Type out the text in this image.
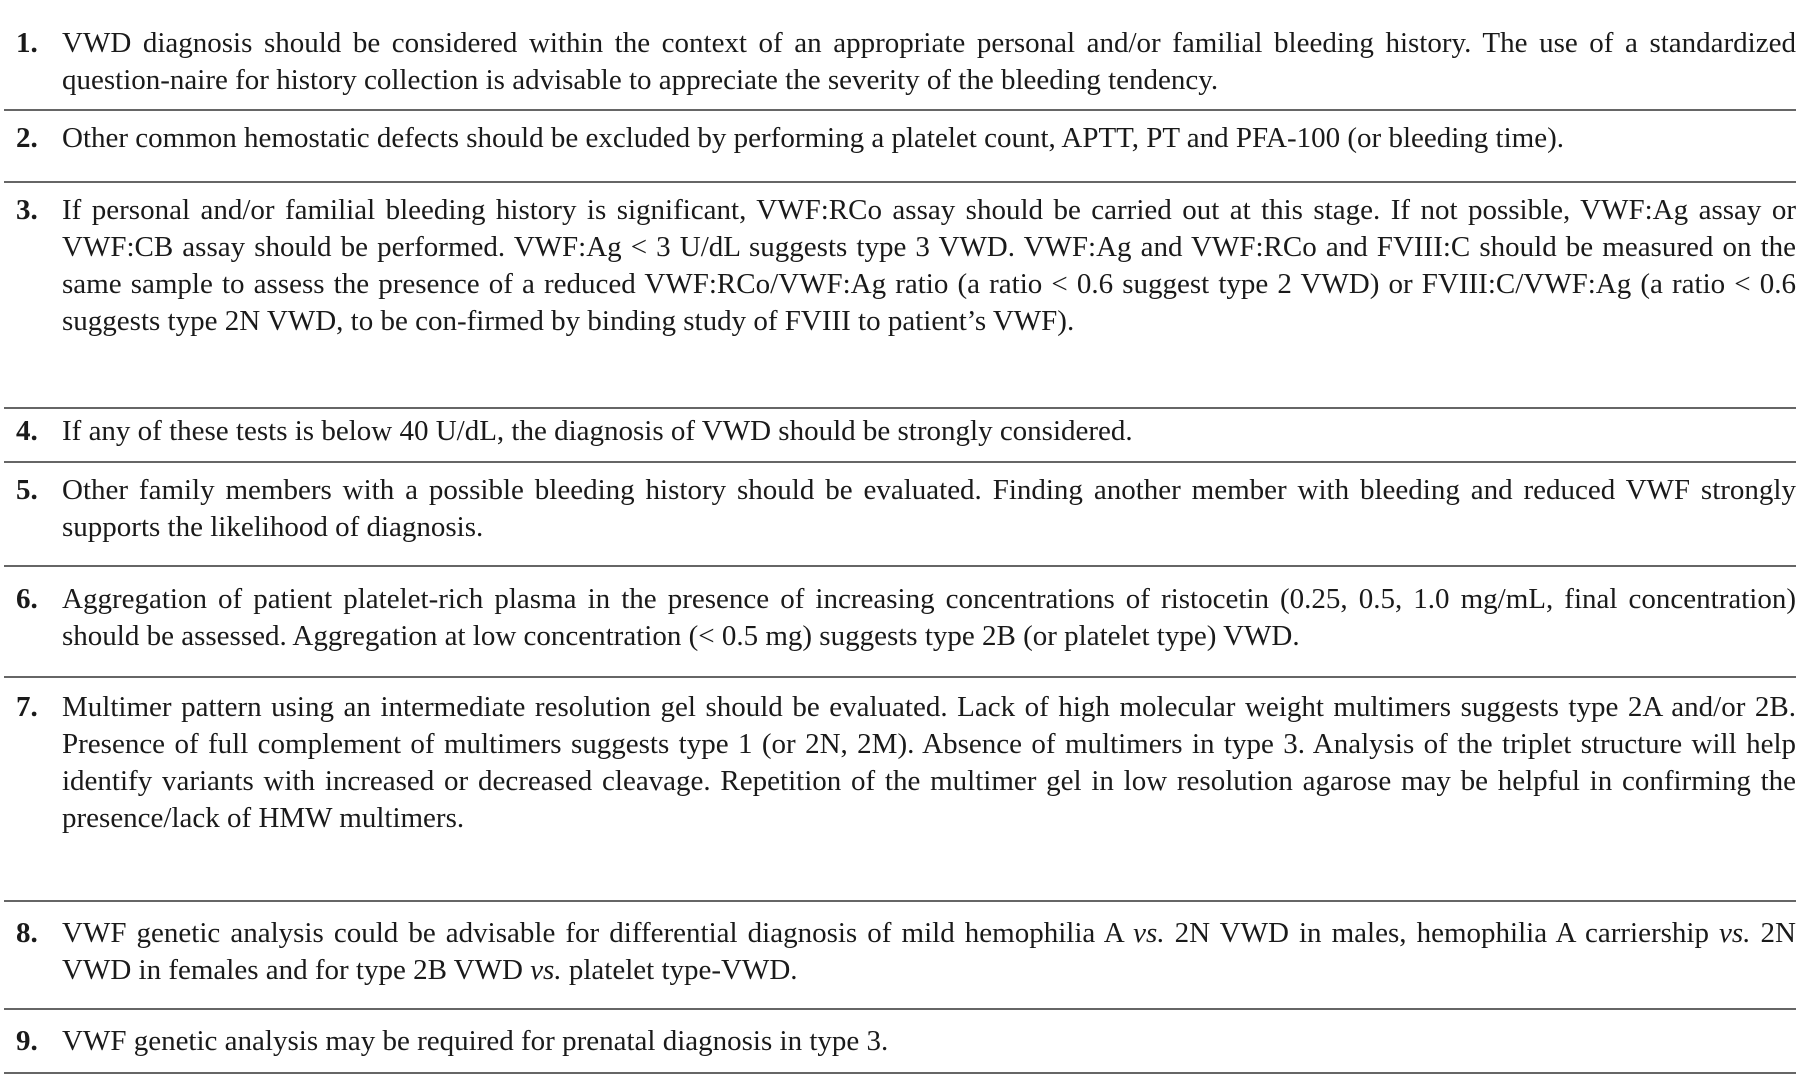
1. VWD diagnosis should be considered within the context of an appropriate personal and/or familial bleeding history. The use of a standardized question-naire for history collection is advisable to appreciate the severity of the bleeding tendency.
2. Other common hemostatic defects should be excluded by performing a platelet count, APTT, PT and PFA-100 (or bleeding time).
3. If personal and/or familial bleeding history is significant, VWF:RCo assay should be carried out at this stage. If not possible, VWF:Ag assay or VWF:CB assay should be performed. VWF:Ag < 3 U/dL suggests type 3 VWD. VWF:Ag and VWF:RCo and FVIII:C should be measured on the same sample to assess the presence of a reduced VWF:RCo/VWF:Ag ratio (a ratio < 0.6 suggest type 2 VWD) or FVIII:C/VWF:Ag (a ratio < 0.6 suggests type 2N VWD, to be con-firmed by binding study of FVIII to patient’s VWF).
4. If any of these tests is below 40 U/dL, the diagnosis of VWD should be strongly considered.
5. Other family members with a possible bleeding history should be evaluated. Finding another member with bleeding and reduced VWF strongly supports the likelihood of diagnosis.
6. Aggregation of patient platelet-rich plasma in the presence of increasing concentrations of ristocetin (0.25, 0.5, 1.0 mg/mL, final concentration) should be assessed. Aggregation at low concentration (< 0.5 mg) suggests type 2B (or platelet type) VWD.
7. Multimer pattern using an intermediate resolution gel should be evaluated. Lack of high molecular weight multimers suggests type 2A and/or 2B. Presence of full complement of multimers suggests type 1 (or 2N, 2M). Absence of multimers in type 3. Analysis of the triplet structure will help identify variants with increased or decreased cleavage. Repetition of the multimer gel in low resolution agarose may be helpful in confirming the presence/lack of HMW multimers.
8. VWF genetic analysis could be advisable for differential diagnosis of mild hemophilia A vs. 2N VWD in males, hemophilia A carriership vs. 2N VWD in females and for type 2B VWD vs. platelet type-VWD.
9. VWF genetic analysis may be required for prenatal diagnosis in type 3.
